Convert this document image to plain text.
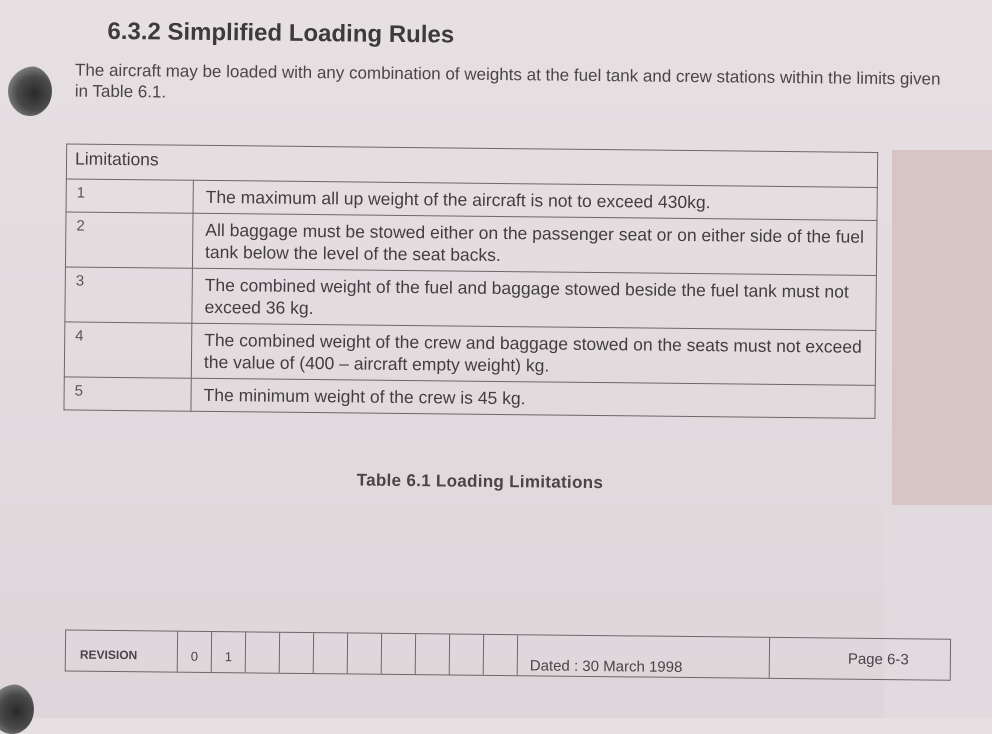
6.3.2 Simplified Loading Rules
The aircraft may be loaded with any combination of weights at the fuel tank and crew stations within the limits given in Table 6.1.
Limitations	
1	The maximum all up weight of the aircraft is not to exceed 430kg.
2	All baggage must be stowed either on the passenger seat or on either side of the fuel tank below the level of the seat backs.
3	The combined weight of the fuel and baggage stowed beside the fuel tank must not exceed 36 kg.
4	The combined weight of the crew and baggage stowed on the seats must not exceed the value of (400 – aircraft empty weight) kg.
5	The minimum weight of the crew is 45 kg.
Table 6.1 Loading Limitations
REVISION	0	1
Dated : 30 March 1998	Page 6-3
